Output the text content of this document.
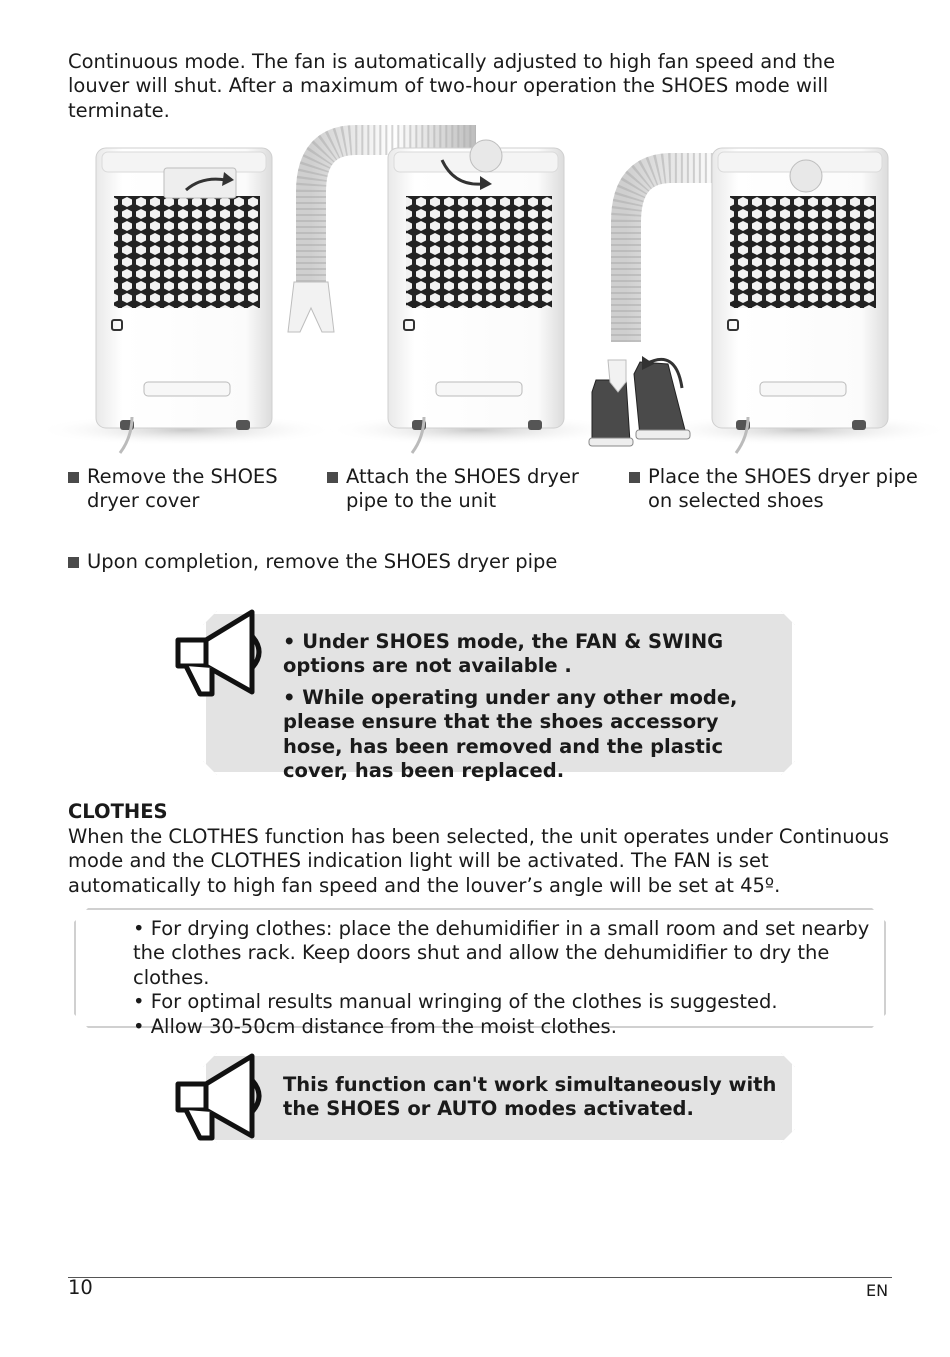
Continuous mode. The fan is automatically adjusted to high fan speed and the louver will shut. After a maximum of two-hour operation the SHOES mode will terminate.

Remove the SHOES dryer cover
Attach the SHOES dryer pipe to the unit
Place the SHOES dryer pipe on selected shoes
Upon completion, remove the SHOES dryer pipe

• Under SHOES mode, the FAN & SWING options are not available .

• While operating under any other mode, please ensure that the shoes accessory hose, has been removed and the plastic cover, has been replaced.

CLOTHES

When the CLOTHES function has been selected, the unit operates under Continuous mode and the CLOTHES indication light will be activated. The FAN is set automatically to high fan speed and the louver’s angle will be set at 45º.

• For drying clothes: place the dehumidifier in a small room and set nearby the clothes rack. Keep doors shut and allow the dehumidifier to dry the clothes.

• For optimal results manual wringing of the clothes is suggested.

• Allow 30-50cm distance from the moist clothes.

This function can't work simultaneously with the SHOES or AUTO modes activated.
10	EN
